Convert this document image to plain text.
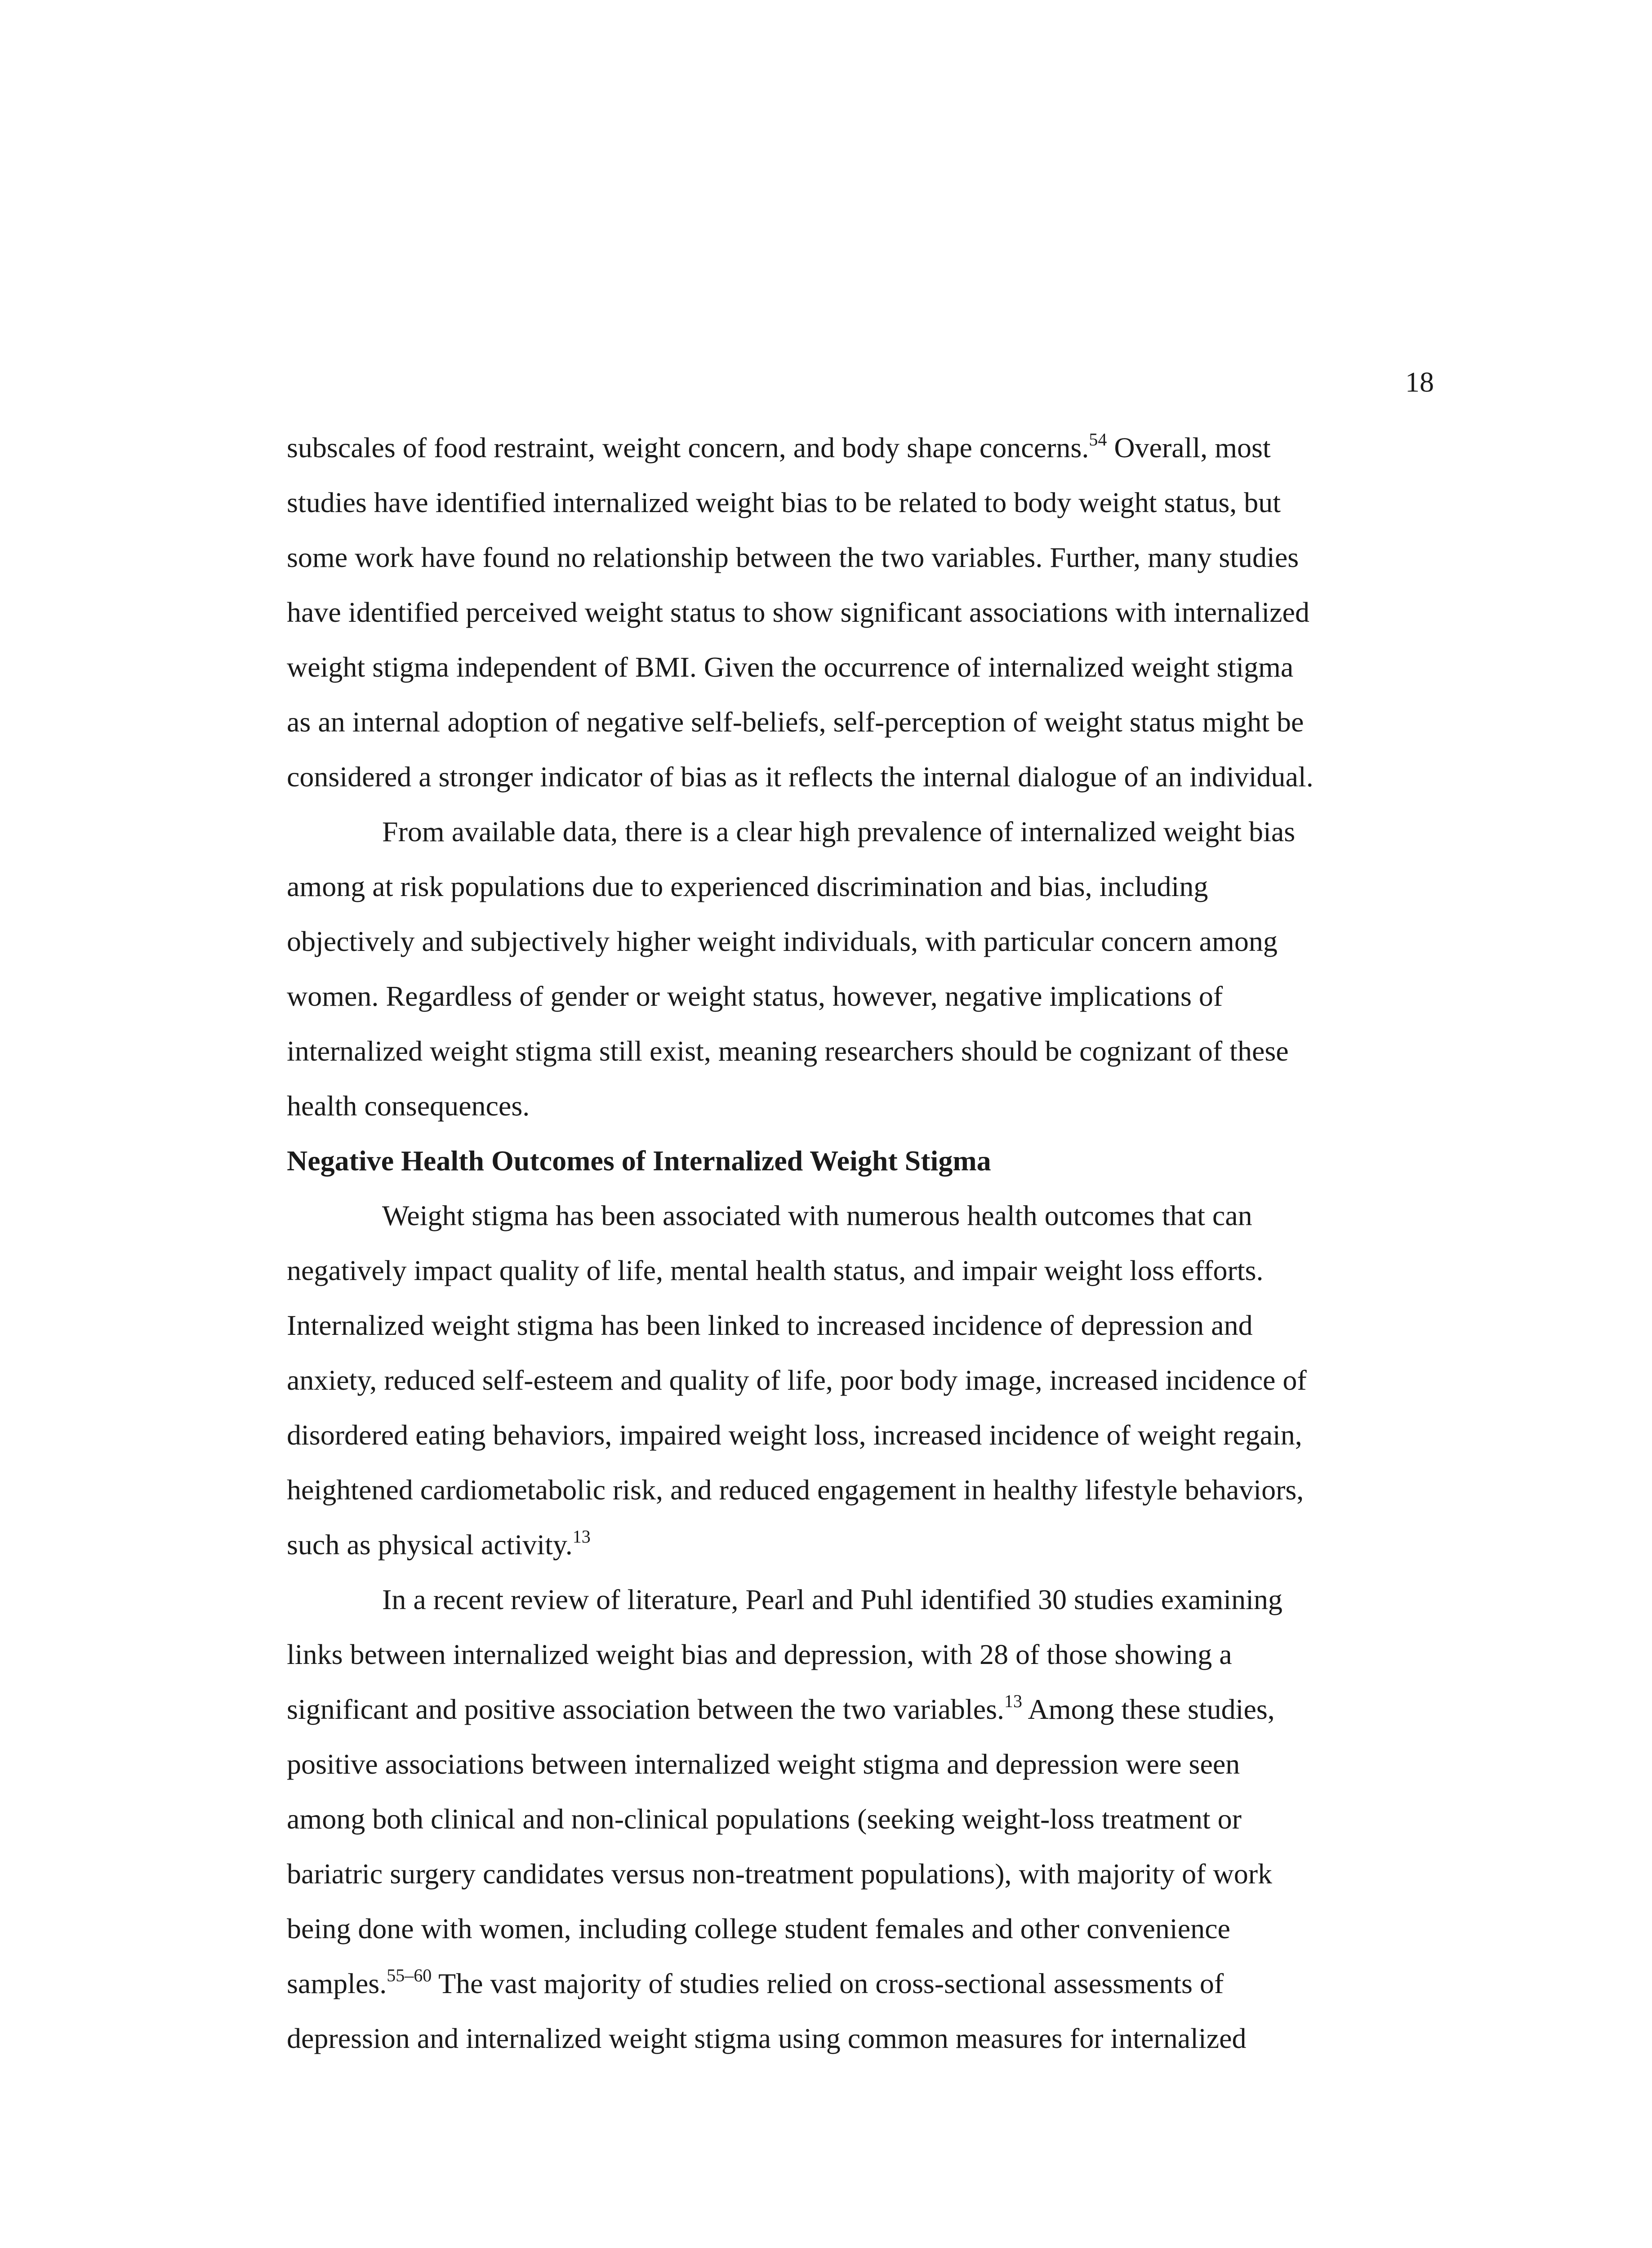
18
subscales of food restraint, weight concern, and body shape concerns.$^{54}$ Overall, most
studies have identified internalized weight bias to be related to body weight status, but
some work have found no relationship between the two variables. Further, many studies
have identified perceived weight status to show significant associations with internalized
weight stigma independent of BMI. Given the occurrence of internalized weight stigma
as an internal adoption of negative self-beliefs, self-perception of weight status might be
considered a stronger indicator of bias as it reflects the internal dialogue of an individual.
From available data, there is a clear high prevalence of internalized weight bias
among at risk populations due to experienced discrimination and bias, including
objectively and subjectively higher weight individuals, with particular concern among
women. Regardless of gender or weight status, however, negative implications of
internalized weight stigma still exist, meaning researchers should be cognizant of these
health consequences.
Negative Health Outcomes of Internalized Weight Stigma
Weight stigma has been associated with numerous health outcomes that can
negatively impact quality of life, mental health status, and impair weight loss efforts.
Internalized weight stigma has been linked to increased incidence of depression and
anxiety, reduced self-esteem and quality of life, poor body image, increased incidence of
disordered eating behaviors, impaired weight loss, increased incidence of weight regain,
heightened cardiometabolic risk, and reduced engagement in healthy lifestyle behaviors,
such as physical activity.$^{13}$
In a recent review of literature, Pearl and Puhl identified 30 studies examining
links between internalized weight bias and depression, with 28 of those showing a
significant and positive association between the two variables.$^{13}$ Among these studies,
positive associations between internalized weight stigma and depression were seen
among both clinical and non-clinical populations (seeking weight-loss treatment or
bariatric surgery candidates versus non-treatment populations), with majority of work
being done with women, including college student females and other convenience
samples.$^{55-60}$ The vast majority of studies relied on cross-sectional assessments of
depression and internalized weight stigma using common measures for internalized
